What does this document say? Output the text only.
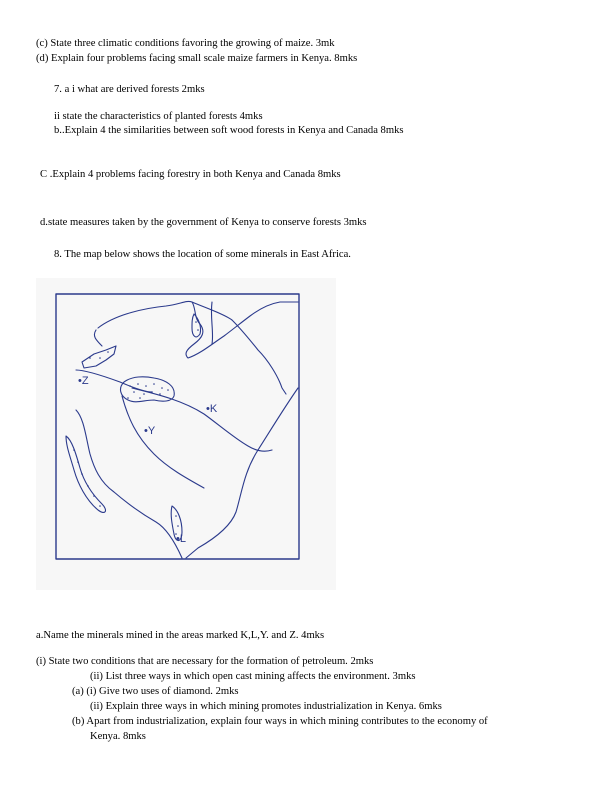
(c) State three climatic conditions favoring the growing of maize. 3mk
(d) Explain four problems facing small scale maize farmers in Kenya. 8mks
7. a i what are derived forests 2mks
ii state the characteristics of planted forests 4mks
b..Explain 4 the similarities between soft wood forests in Kenya and Canada 8mks
C .Explain 4 problems facing forestry in both Kenya and Canada 8mks
d.state measures taken by the government of Kenya to conserve forests 3mks
8. The map below shows the location of some minerals in East Africa.
•Z
•K
•Y
•L
a.Name the minerals mined in the areas marked K,L,Y. and Z. 4mks
(i) State two conditions that are necessary for the formation of petroleum. 2mks
(ii) List three ways in which open cast mining affects the environment. 3mks
(a) (i) Give two uses of diamond. 2mks
(ii) Explain three ways in which mining promotes industrialization in Kenya. 6mks
(b) Apart from industrialization, explain four ways in which mining contributes to the economy of
Kenya. 8mks
